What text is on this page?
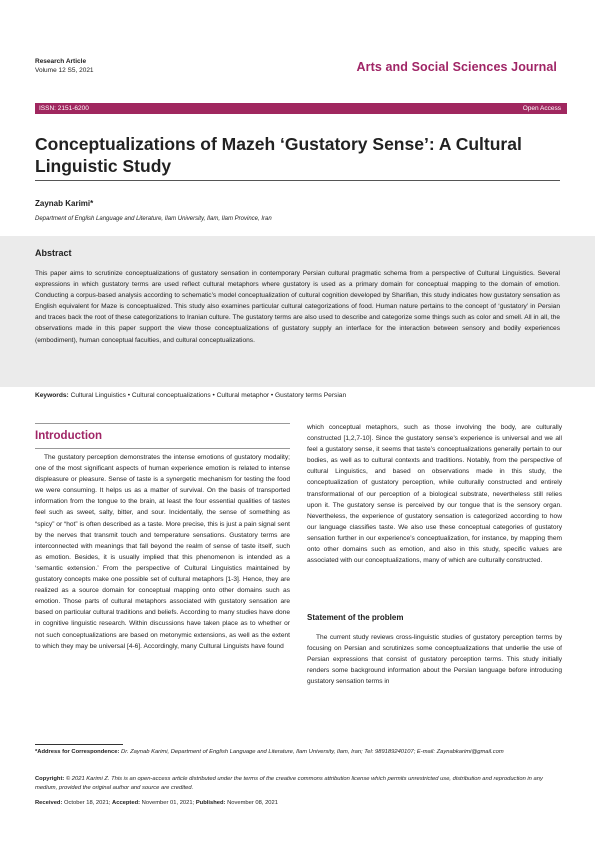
Research Article
Volume 12 S5, 2021	Arts and Social Sciences Journal
ISSN: 2151-6200	Open Access
Conceptualizations of Mazeh ‘Gustatory Sense’: A Cultural Linguistic Study
Zaynab Karimi*
Department of English Language and Literature, Ilam University, Ilam, Ilam Province, Iran
Abstract
This paper aims to scrutinize conceptualizations of gustatory sensation in contemporary Persian cultural pragmatic schema from a perspective of Cultural Linguistics. Several expressions in which gustatory terms are used reflect cultural metaphors where gustatory is used as a primary domain for conceptual mapping to the domain of emotion. Conducting a corpus-based analysis according to schematic’s model conceptualization of cultural cognition developed by Sharifian, this study indicates how gustatory sensation as English equivalent for Maze is conceptualized. This study also examines particular cultural categorizations of food. Human nature pertains to the concept of ‘gustatory’ in Persian and traces back the root of these categorizations to Iranian culture. The gustatory terms are also used to describe and categorize some things such as color and smell. All in all, the observations made in this paper support the view those conceptualizations of gustatory supply an interface for the interaction between sensory and bodily experiences (embodiment), human conceptual faculties, and cultural conceptualizations.
Keywords: Cultural Linguistics • Cultural conceptualizations • Cultural metaphor • Gustatory terms Persian
Introduction

The gustatory perception demonstrates the intense emotions of gustatory modality; one of the most significant aspects of human experience emotion is related to intense displeasure or pleasure. Sense of taste is a synergetic mechanism for testing the food we were consuming. It helps us as a matter of survival. On the basis of transported information from the tongue to the brain, at least the four essential qualities of tastes feel such as sweet, salty, bitter, and sour. Incidentally, the sense of something as “spicy” or “hot” is often described as a taste. More precise, this is just a pain signal sent by the nerves that transmit touch and temperature sensations. Gustatory terms are interconnected with meanings that fall beyond the realm of sense of taste itself, such as emotion. Besides, it is usually implied that this phenomenon is intended as a ‘semantic extension.’ From the perspective of Cultural Linguistics maintained by gustatory concepts make one possible set of cultural metaphors [1-3]. Hence, they are realized as a source domain for conceptual mapping onto other domains such as emotion. Those parts of cultural metaphors associated with gustatory sensation are based on particular cultural traditions and beliefs. According to many studies have done in cognitive linguistic research. Within discussions have taken place as to whether or not such conceptualizations are based on metonymic extensions, as well as the extent to which they may be universal [4-6]. Accordingly, many Cultural Linguists have found

which conceptual metaphors, such as those involving the body, are culturally constructed [1,2,7-10]. Since the gustatory sense’s experience is universal and we all feel a gustatory sense, it seems that taste’s conceptualizations generally pertain to our bodies, as well as to cultural contexts and traditions. Notably, from the perspective of cultural Linguistics, and based on observations made in this study, the conceptualization of gustatory perception, while culturally constructed and entirely transformational of our perception of a biological substrate, nevertheless still relies upon it. The gustatory sense is perceived by our tongue that is the sensory organ. Nevertheless, the experience of gustatory sensation is categorized according to how our language classifies taste. We also use these conceptual categories of gustatory sensation further in our experience’s conceptualization, for instance, by mapping them onto other domains such as emotion, and also in this study, specific values are associated with our conceptualizations, many of which are culturally constructed.

Statement of the problem

The current study reviews cross-linguistic studies of gustatory perception terms by focusing on Persian and scrutinizes some conceptualizations that underlie the use of Persian expressions that consist of gustatory perception terms. This study initially renders some background information about the Persian language before introducing gustatory sensation terms in

*Address for Correspondence: Dr. Zaynab Karimi, Department of English Language and Literature, Ilam University, Ilam, Iran; Tel: 989189240107; E-mail: Zaynabkarimi@gmail.com
Copyright: © 2021 Karimi Z. This is an open-access article distributed under the terms of the creative commons attribution license which permits unrestricted use, distribution and reproduction in any medium, provided the original author and source are credited.
Received: October 18, 2021; Accepted: November 01, 2021; Published: November 08, 2021
